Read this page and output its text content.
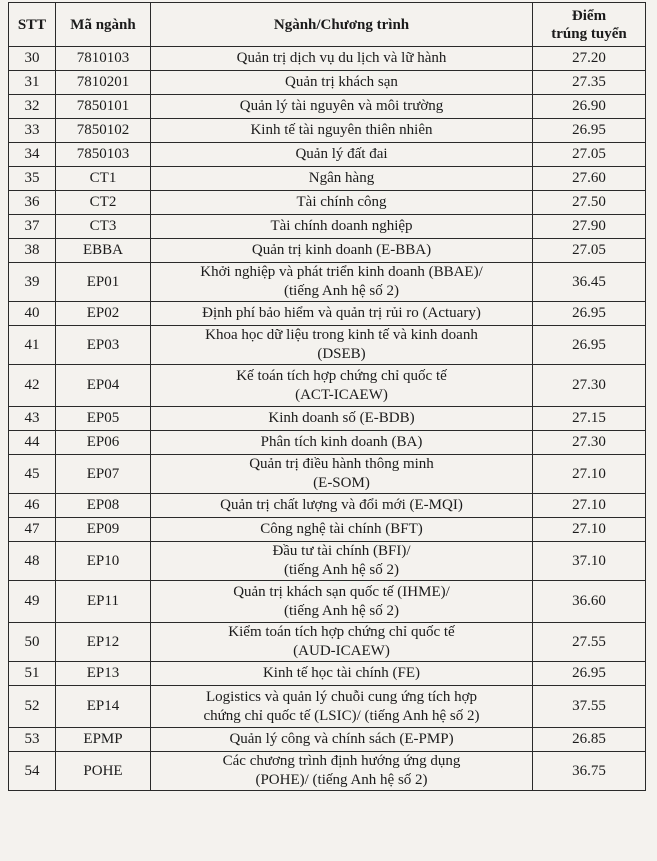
STT	Mã ngành	Ngành/Chương trình	Điểm
trúng tuyển
30	7810103	Quản trị dịch vụ du lịch và lữ hành	27.20
31	7810201	Quản trị khách sạn	27.35
32	7850101	Quản lý tài nguyên và môi trường	26.90
33	7850102	Kinh tế tài nguyên thiên nhiên	26.95
34	7850103	Quản lý đất đai	27.05
35	CT1	Ngân hàng	27.60
36	CT2	Tài chính công	27.50
37	CT3	Tài chính doanh nghiệp	27.90
38	EBBA	Quản trị kinh doanh (E-BBA)	27.05
39	EP01	Khởi nghiệp và phát triển kinh doanh (BBAE)/
(tiếng Anh hệ số 2)	36.45
40	EP02	Định phí bảo hiểm và quản trị rủi ro (Actuary)	26.95
41	EP03	Khoa học dữ liệu trong kinh tế và kinh doanh
(DSEB)	26.95
42	EP04	Kế toán tích hợp chứng chỉ quốc tế
(ACT-ICAEW)	27.30
43	EP05	Kinh doanh số (E-BDB)	27.15
44	EP06	Phân tích kinh doanh (BA)	27.30
45	EP07	Quản trị điều hành thông minh
(E-SOM)	27.10
46	EP08	Quản trị chất lượng và đổi mới (E-MQI)	27.10
47	EP09	Công nghệ tài chính (BFT)	27.10
48	EP10	Đầu tư tài chính (BFI)/
(tiếng Anh hệ số 2)	37.10
49	EP11	Quản trị khách sạn quốc tế (IHME)/
(tiếng Anh hệ số 2)	36.60
50	EP12	Kiểm toán tích hợp chứng chỉ quốc tế
(AUD-ICAEW)	27.55
51	EP13	Kinh tế học tài chính (FE)	26.95
52	EP14	Logistics và quản lý chuỗi cung ứng tích hợp
chứng chỉ quốc tế (LSIC)/ (tiếng Anh hệ số 2)	37.55
53	EPMP	Quản lý công và chính sách (E-PMP)	26.85
54	POHE	Các chương trình định hướng ứng dụng
(POHE)/ (tiếng Anh hệ số 2)	36.75
